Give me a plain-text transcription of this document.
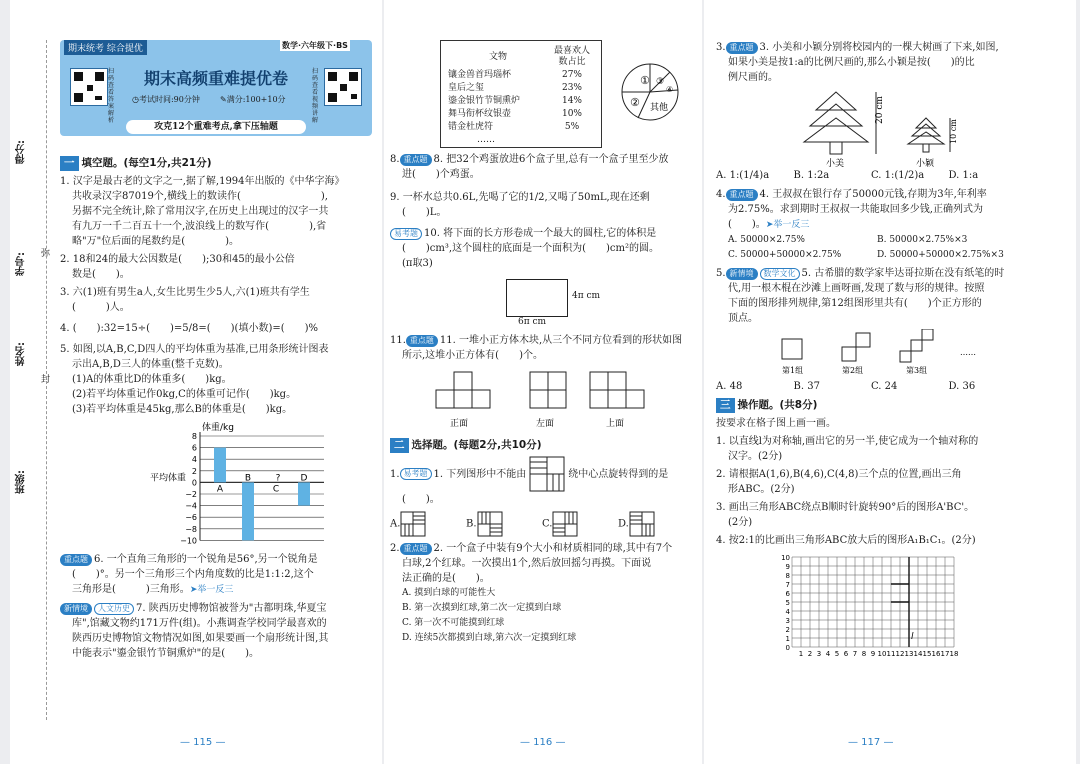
得分:
学号:
姓名:
班级:
弥
封
期末统考 综合提优
扫码查看答案解析
期末高频重难提优卷
◷考试时间:90分钟	✎满分:100+10分
扫码查看视频讲解
攻克12个重难考点,拿下压轴题
数学·六年级下·BS
一 填空题。(每空1分,共21分)
1. 汉字是最古老的文字之一,据了解,1994年出版的《中华字海》
共收录汉字87019个,横线上的数读作(　　　　　　　　),
另据不完全统计,除了常用汉字,在历史上出现过的汉字一共
有九万一千二百五十一个,波浪线上的数写作(　　　　),省
略"万"位后面的尾数约是(　　　　)。
2. 18和24的最大公因数是(　　);30和45的最小公倍
数是(　　)。
3. 六(1)班有男生a人,女生比男生少5人,六(1)班共有学生
(　　　)人。
4. (　　):32=15÷(　　)=5/8=(　　)(填小数)=(　　)%
5. 如图,以A,B,C,D四人的平均体重为基准,已用条形统计图表
示出A,B,D三人的体重(整千克数)。
(1)A的体重比D的体重多(　　)kg。
(2)若平均体重记作0kg,C的体重可记作(　　)kg。
(3)若平均体重是45kg,那么B的体重是(　　)kg。
体重/kg
8
6
4
2
0
−2
−4
−6
−8
−10
平均体重
A
B
C
? D
重点题 6. 一个直角三角形的一个锐角是56°,另一个锐角是
(　　)°。另一个三角形三个内角度数的比是1:1:2,这个
三角形是(　　　)三角形。➤举一反三
新情境 人文历史 7. 陕西历史博物馆被誉为"古都明珠,华夏宝
库",馆藏文物约171万件(组)。小燕调查学校同学最喜欢的
陕西历史博物馆文物情况如图,如果要画一个扇形统计图,其
中能表示"鎏金银竹节铜熏炉"的是(　　)。
— 115 —
文物	最喜欢人数占比
镶金兽首玛瑙杯	27%
皇后之玺	23%
鎏金银竹节铜熏炉	14%
舞马衔杯纹银壶	10%
错金杜虎符	5%
……	
①
②
③
④
其他
8. 重点题 8. 把32个鸡蛋放进6个盒子里,总有一个盒子里至少放
进(　　)个鸡蛋。
9. 一杯水总共0.6L,先喝了它的1/2,又喝了50mL,现在还剩
(　　)L。
易考题 10. 将下面的长方形卷成一个最大的圆柱,它的体积是
(　　)cm³,这个圆柱的底面是一个面积为(　　)cm²的圆。
(π取3)
4π cm
6π cm
11. 重点题 11. 一堆小正方体木块,从三个不同方位看到的形状如图
所示,这堆小正方体有(　　)个。
正面	左面	上面
二 选择题。(每题2分,共10分)
1. 易考题 1. 下列图形中不能由	绕中心点旋转得到的是
(　　)。
A.	B.	C.	D.
2. 重点题 2. 一个盒子中装有9个大小和材质相同的球,其中有7个
白球,2个红球。一次摸出1个,然后放回摇匀再摸。下面说
法正确的是(　　)。
A. 摸到白球的可能性大
B. 第一次摸到红球,第二次一定摸到白球
C. 第一次不可能摸到红球
D. 连续5次都摸到白球,第六次一定摸到红球
— 116 —
3. 重点题 3. 小美和小颖分别将校园内的一棵大树画了下来,如图,
如果小美是按1:a的比例尺画的,那么小颖是按(　　)的比
例尺画的。
20 cm
10 cm
小美	小颖
A. 1:(1/4)a	B. 1:2a	C. 1:(1/2)a	D. 1:a
4. 重点题 4. 王叔叔在银行存了50000元钱,存期为3年,年利率
为2.75%。求到期时王叔叔一共能取回多少钱,正确列式为
(　　)。➤举一反三
A. 50000×2.75%	B. 50000×2.75%×3
C. 50000+50000×2.75%	D. 50000+50000×2.75%×3
5. 新情境 数学文化 5. 古希腊的数学家毕达哥拉斯在没有纸笔的时
代,用一根木棍在沙滩上画呀画,发现了数与形的规律。按照
下面的图形排列规律,第12组图形里共有(　　)个正方形的
顶点。
第1组	第2组	第3组
……
A. 48	B. 37	C. 24	D. 36
三 操作题。(共8分)
按要求在格子图上画一画。
1. 以直线l为对称轴,画出它的另一半,使它成为一个轴对称的
汉字。(2分)
2. 请根据A(1,6),B(4,6),C(4,8)三个点的位置,画出三角
形ABC。(2分)
3. 画出三角形ABC绕点B顺时针旋转90°后的图形A'BC'。
(2分)
4. 按2:1的比画出三角形ABC放大后的图形A₁B₁C₁。(2分)
1 2 3 4 5 6 7 8 9 10 11 12 13 14 15 16 17 18
10
9
8
7
6
5
4
3
2
1
0
l
— 117 —
